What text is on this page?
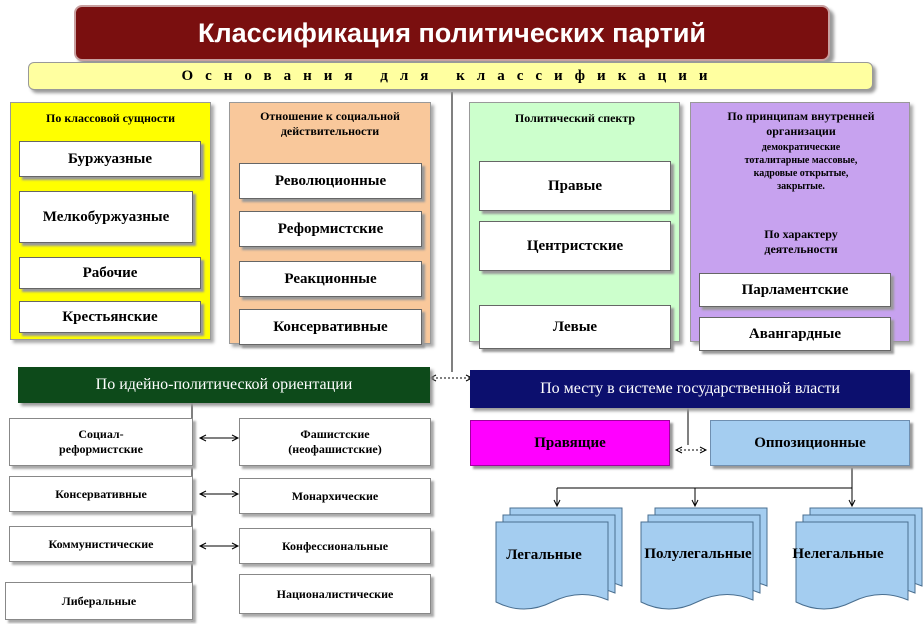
Классификация политических партий
Основания для классификации
По классовой сущности
Буржуазные
Мелкобуржуазные
Рабочие
Крестьянские
Отношение к социальной действительности
Революционные
Реформистские
Реакционные
Консервативные
Политический спектр
Правые
Центристские
Левые
По принципам внутренней организации
демократические тоталитарные массовые, кадровые открытые, закрытые.
По характеру деятельности
Парламентские
Авангардные
По идейно-политической ориентации
Социал-реформистские
Консервативные
Коммунистические
Либеральные
Фашистские (неофашистские)
Монархические
Конфессиональные
Националистические
По месту в системе государственной власти
Правящие	Оппозиционные
Легальные	Полулегальные	Нелегальные
